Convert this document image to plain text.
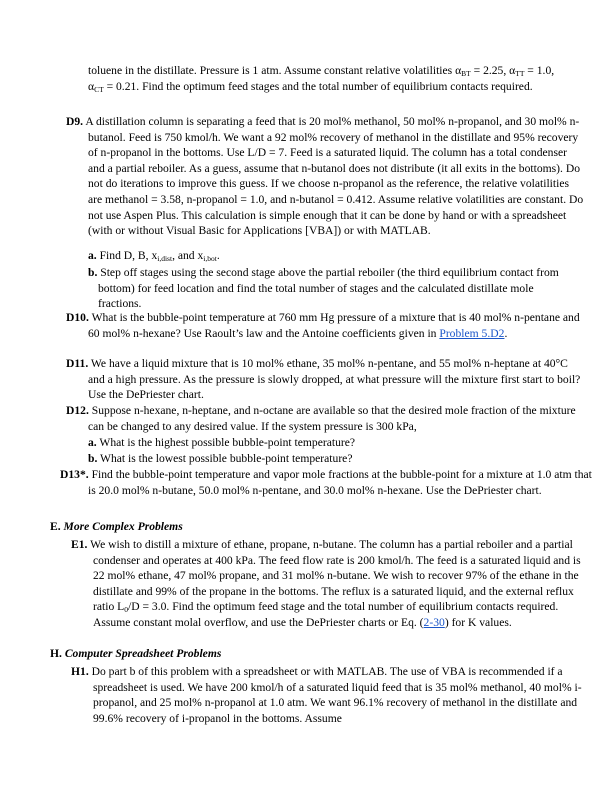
toluene in the distillate. Pressure is 1 atm. Assume constant relative volatilities $\alpha_{BT} = 2.25$, $\alpha_{TT} = 1.0$, $\alpha_{CT} = 0.21$. Find the optimum feed stages and the total number of equilibrium contacts required.

D9. A distillation column is separating a feed that is 20 mol% methanol, 50 mol% n-propanol, and 30 mol% n-butanol. Feed is 750 kmol/h. We want a 92 mol% recovery of methanol in the distillate and 95% recovery of n-propanol in the bottoms. Use L/D = 7. Feed is a saturated liquid. The column has a total condenser and a partial reboiler. As a guess, assume that n-butanol does not distribute (it all exits in the bottoms). Do not do iterations to improve this guess. If we choose n-propanol as the reference, the relative volatilities are methanol = 3.58, n-propanol = 1.0, and n-butanol = 0.412. Assume relative volatilities are constant. Do not use Aspen Plus. This calculation is simple enough that it can be done by hand or with a spreadsheet (with or without Visual Basic for Applications [VBA]) or with MATLAB.

a. Find D, B, $x_{i,dist}$, and $x_{i,bot}$.

b. Step off stages using the second stage above the partial reboiler (the third equilibrium contact from bottom) for feed location and find the total number of stages and the calculated distillate mole fractions.

D10. What is the bubble-point temperature at 760 mm Hg pressure of a mixture that is 40 mol% n-pentane and 60 mol% n-hexane? Use Raoult’s law and the Antoine coefficients given in Problem 5.D2.

D11. We have a liquid mixture that is 10 mol% ethane, 35 mol% n-pentane, and 55 mol% n-heptane at 40°C and a high pressure. As the pressure is slowly dropped, at what pressure will the mixture first start to boil? Use the DePriester chart.

D12. Suppose n-hexane, n-heptane, and n-octane are available so that the desired mole fraction of the mixture can be changed to any desired value. If the system pressure is 300 kPa,

a. What is the highest possible bubble-point temperature?

b. What is the lowest possible bubble-point temperature?

D13*. Find the bubble-point temperature and vapor mole fractions at the bubble-point for a mixture at 1.0 atm that is 20.0 mol% n-butane, 50.0 mol% n-pentane, and 30.0 mol% n-hexane. Use the DePriester chart.

E. More Complex Problems

E1. We wish to distill a mixture of ethane, propane, n-butane. The column has a partial reboiler and a partial condenser and operates at 400 kPa. The feed flow rate is 200 kmol/h. The feed is a saturated liquid and is 22 mol% ethane, 47 mol% propane, and 31 mol% n-butane. We wish to recover 97% of the ethane in the distillate and 99% of the propane in the bottoms. The reflux is a saturated liquid, and the external reflux ratio $L_0/D = 3.0$. Find the optimum feed stage and the total number of equilibrium contacts required. Assume constant molal overflow, and use the DePriester charts or Eq. (2-30) for K values.

H. Computer Spreadsheet Problems

H1. Do part b of this problem with a spreadsheet or with MATLAB. The use of VBA is recommended if a spreadsheet is used. We have 200 kmol/h of a saturated liquid feed that is 35 mol% methanol, 40 mol% i-propanol, and 25 mol% n-propanol at 1.0 atm. We want 96.1% recovery of methanol in the distillate and 99.6% recovery of i-propanol in the bottoms. Assume
